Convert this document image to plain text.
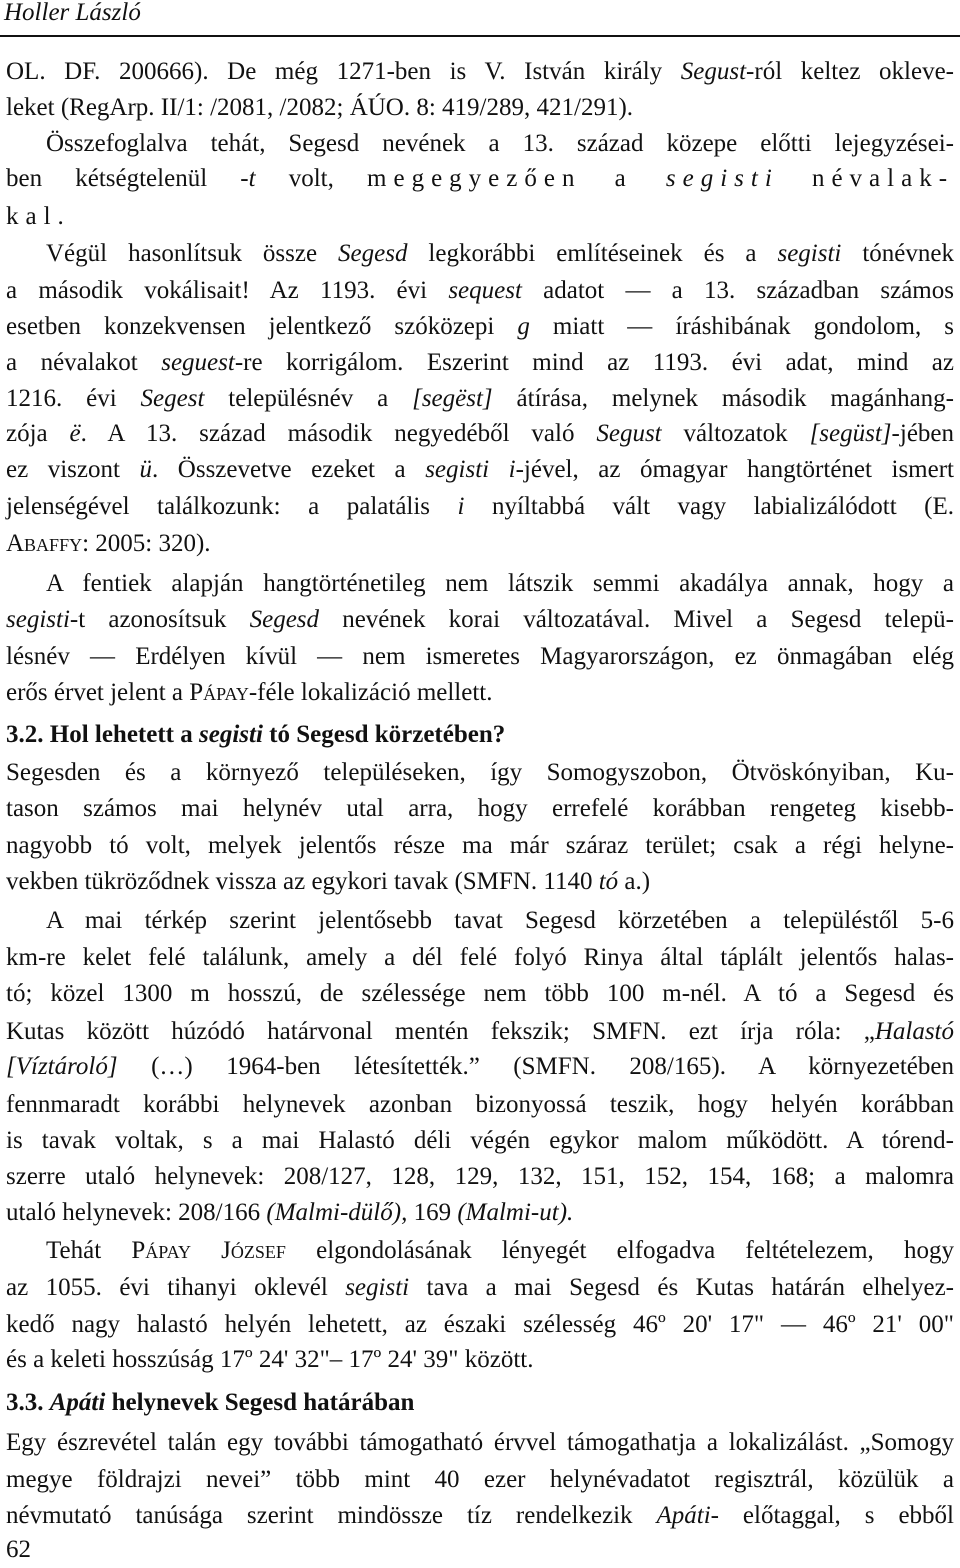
Holler László
OL. DF. 200666). De még 1271-ben is V. István király Segust-ról keltez okleve-
leket (RegArp. II/1: /2081, /2082; ÁÚO. 8: 419/289, 421/291).
Összefoglalva tehát, Segesd nevének a 13. század közepe előtti lejegyzései-
ben kétségtelenül -t volt, megegyezően a segisti névalak-
kal.
Végül hasonlítsuk össze Segesd legkorábbi említéseinek és a segisti tónévnek
a második vokálisait! Az 1193. évi sequest adatot — a 13. században számos
esetben konzekvensen jelentkező szóközepi g miatt — íráshibának gondolom, s
a névalakot seguest-re korrigálom. Eszerint mind az 1193. évi adat, mind az
1216. évi Segest településnév a [segëst] átírása, melynek második magánhang-
zója ë. A 13. század második negyedéből való Segust változatok [següst]-jében
ez viszont ü. Összevetve ezeket a segisti i-jével, az ómagyar hangtörténet ismert
jelenségével találkozunk: a palatális i nyíltabbá vált vagy labializálódott (E.
Abaffy: 2005: 320).
A fentiek alapján hangtörténetileg nem látszik semmi akadálya annak, hogy a
segisti-t azonosítsuk Segesd nevének korai változatával. Mivel a Segesd telepü-
lésnév — Erdélyen kívül — nem ismeretes Magyarországon, ez önmagában elég
erős érvet jelent a Pápay-féle lokalizáció mellett.
3.2. Hol lehetett a segisti tó Segesd körzetében?
Segesden és a környező településeken, így Somogyszobon, Ötvöskónyiban, Ku-
tason számos mai helynév utal arra, hogy errefelé korábban rengeteg kisebb-
nagyobb tó volt, melyek jelentős része ma már száraz terület; csak a régi helyne-
vekben tükröződnek vissza az egykori tavak (SMFN. 1140 tó a.)
A mai térkép szerint jelentősebb tavat Segesd körzetében a településtől 5-6
km-re kelet felé találunk, amely a dél felé folyó Rinya által táplált jelentős halas-
tó; közel 1300 m hosszú, de szélessége nem több 100 m-nél. A tó a Segesd és
Kutas között húzódó határvonal mentén fekszik; SMFN. ezt írja róla: „Halastó
[Víztároló] (…) 1964-ben létesítették.” (SMFN. 208/165). A környezetében
fennmaradt korábbi helynevek azonban bizonyossá teszik, hogy helyén korábban
is tavak voltak, s a mai Halastó déli végén egykor malom működött. A tórend-
szerre utaló helynevek: 208/127, 128, 129, 132, 151, 152, 154, 168; a malomra
utaló helynevek: 208/166 (Malmi-dülő), 169 (Malmi-ut).
Tehát Pápay József elgondolásának lényegét elfogadva feltételezem, hogy
az 1055. évi tihanyi oklevél segisti tava a mai Segesd és Kutas határán elhelyez-
kedő nagy halastó helyén lehetett, az északi szélesség 46º 20' 17" — 46º 21' 00"
és a keleti hosszúság 17º 24' 32"– 17º 24' 39" között.
3.3. Apáti helynevek Segesd határában
Egy észrevétel talán egy további támogatható érvvel támogathatja a lokalizálást. „Somogy
megye földrajzi nevei” több mint 40 ezer helynévadatot regisztrál, közülük a
névmutató tanúsága szerint mindössze tíz rendelkezik Apáti- előtaggal, s ebből
62
